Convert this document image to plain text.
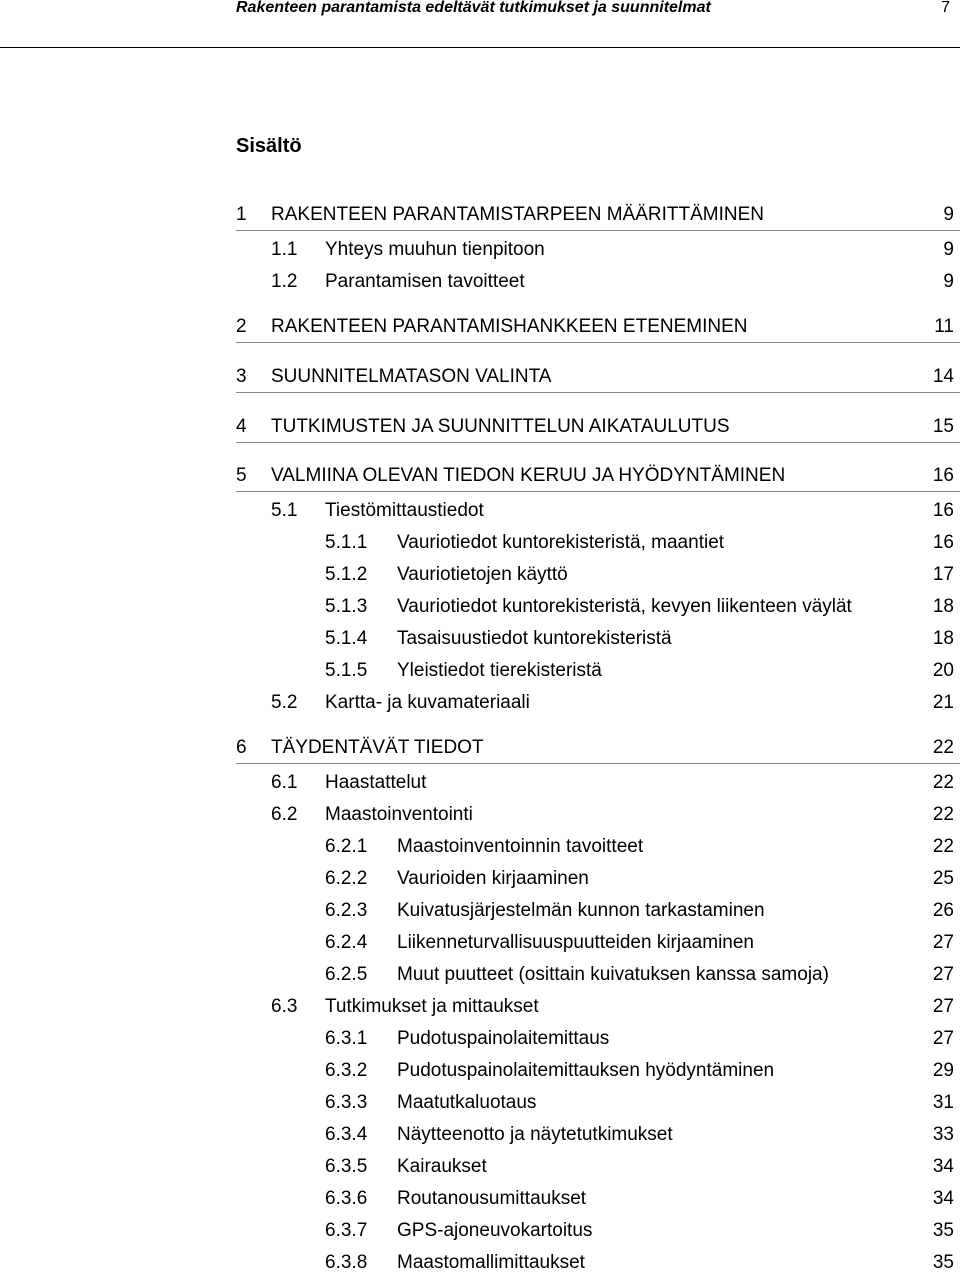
Rakenteen parantamista edeltävät tutkimukset ja suunnitelmat	7
Sisältö
1 RAKENTEEN PARANTAMISTARPEEN MÄÄRITTÄMINEN	9
1.1 Yhteys muuhun tienpitoon	9
1.2 Parantamisen tavoitteet	9
2 RAKENTEEN PARANTAMISHANKKEEN ETENEMINEN	11
3 SUUNNITELMATASON VALINTA	14
4 TUTKIMUSTEN JA SUUNNITTELUN AIKATAULUTUS	15
5 VALMIINA OLEVAN TIEDON KERUU JA HYÖDYNTÄMINEN	16
5.1 Tiestömittaustiedot	16
5.1.1 Vauriotiedot kuntorekisteristä, maantiet	16
5.1.2 Vauriotietojen käyttö	17
5.1.3 Vauriotiedot kuntorekisteristä, kevyen liikenteen väylät	18
5.1.4 Tasaisuustiedot kuntorekisteristä	18
5.1.5 Yleistiedot tierekisteristä	20
5.2 Kartta- ja kuvamateriaali	21
6 TÄYDENTÄVÄT TIEDOT	22
6.1 Haastattelut	22
6.2 Maastoinventointi	22
6.2.1 Maastoinventoinnin tavoitteet	22
6.2.2 Vaurioiden kirjaaminen	25
6.2.3 Kuivatusjärjestelmän kunnon tarkastaminen	26
6.2.4 Liikenneturvallisuuspuutteiden kirjaaminen	27
6.2.5 Muut puutteet (osittain kuivatuksen kanssa samoja)	27
6.3 Tutkimukset ja mittaukset	27
6.3.1 Pudotuspainolaitemittaus	27
6.3.2 Pudotuspainolaitemittauksen hyödyntäminen	29
6.3.3 Maatutkaluotaus	31
6.3.4 Näytteenotto ja näytetutkimukset	33
6.3.5 Kairaukset	34
6.3.6 Routanousumittaukset	34
6.3.7 GPS-ajoneuvokartoitus	35
6.3.8 Maastomallimittaukset	35
